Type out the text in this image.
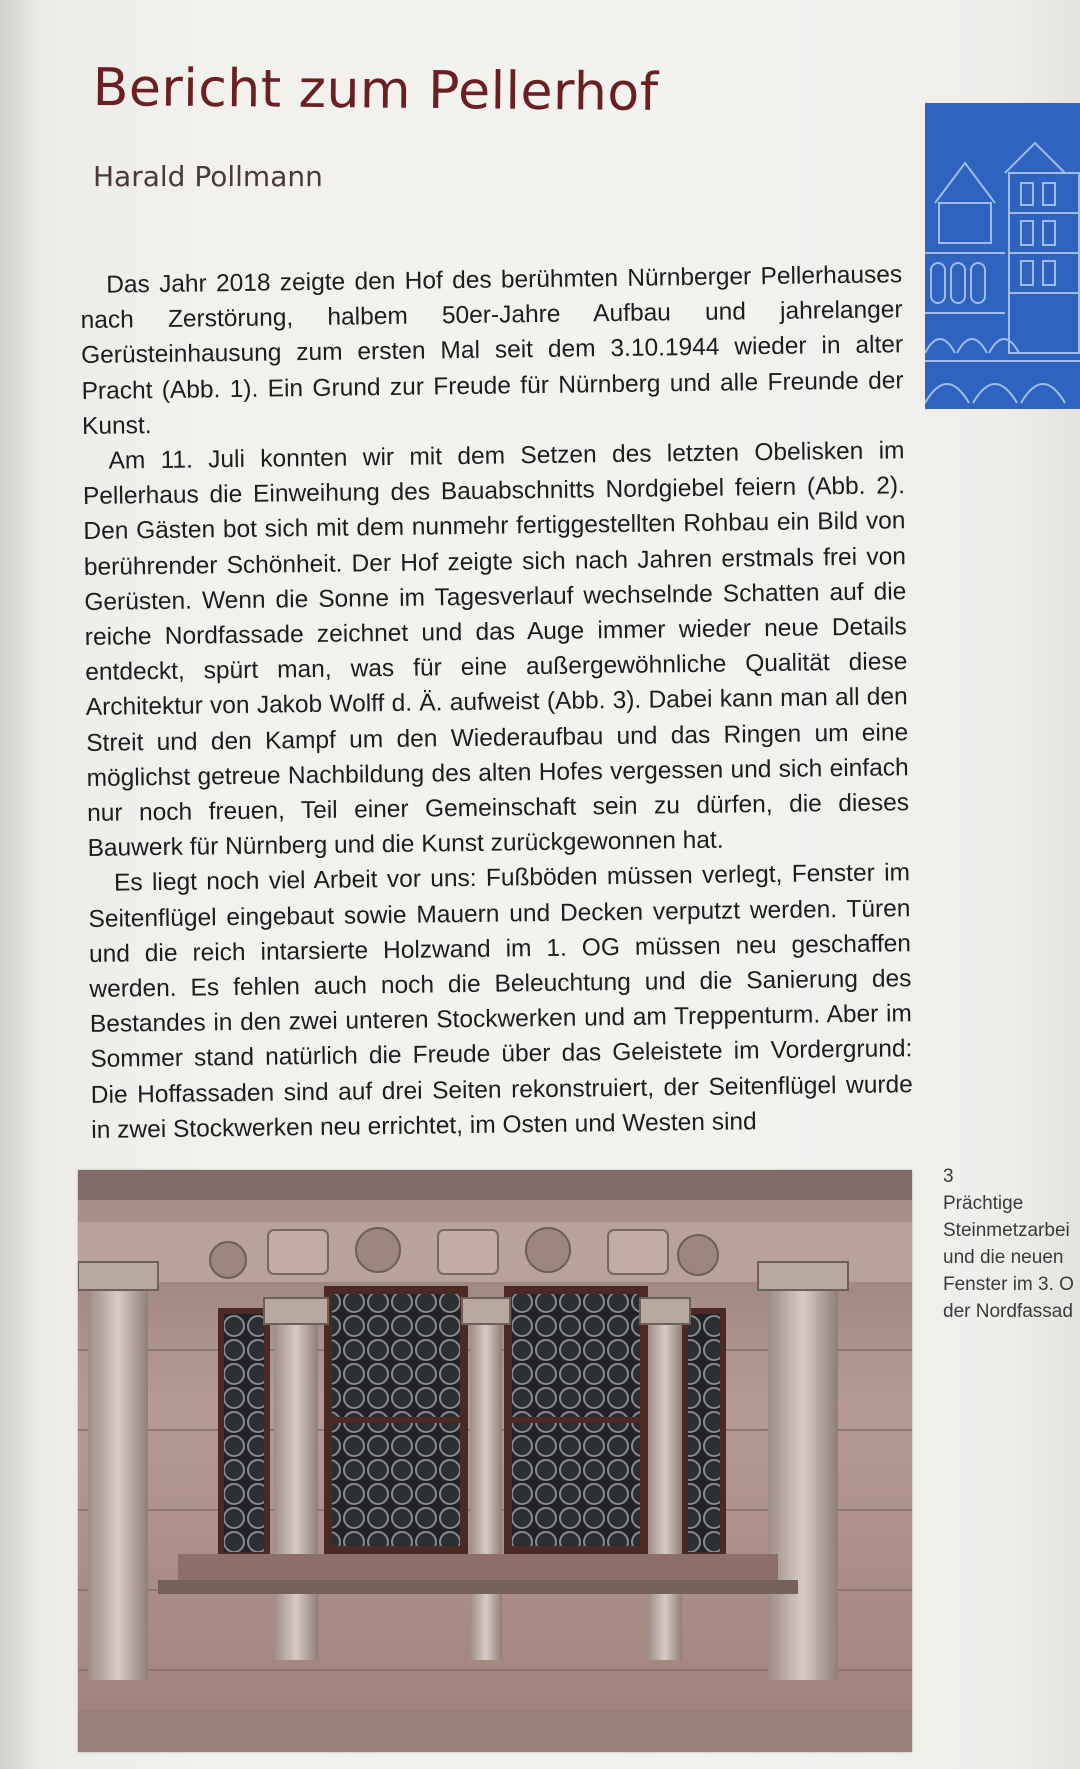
Bericht zum Pellerhof
Harald Pollmann

Das Jahr 2018 zeigte den Hof des berühmten Nürnberger Pellerhauses nach Zerstörung, halbem 50er-Jahre Aufbau und jahrelanger Gerüsteinhausung zum ersten Mal seit dem 3.10.1944 wieder in alter Pracht (Abb. 1). Ein Grund zur Freude für Nürnberg und alle Freunde der Kunst.

Am 11. Juli konnten wir mit dem Setzen des letzten Obelisken im Pellerhaus die Einweihung des Bauabschnitts Nordgiebel feiern (Abb. 2). Den Gästen bot sich mit dem nunmehr fertiggestellten Rohbau ein Bild von berührender Schönheit. Der Hof zeigte sich nach Jahren erstmals frei von Gerüsten. Wenn die Sonne im Tagesverlauf wechselnde Schatten auf die reiche Nordfassade zeichnet und das Auge immer wieder neue Details entdeckt, spürt man, was für eine außergewöhnliche Qualität diese Architektur von Jakob Wolff d. Ä. aufweist (Abb. 3). Dabei kann man all den Streit und den Kampf um den Wiederaufbau und das Ringen um eine möglichst getreue Nachbildung des alten Hofes vergessen und sich einfach nur noch freuen, Teil einer Gemeinschaft sein zu dürfen, die dieses Bauwerk für Nürnberg und die Kunst zurückgewonnen hat.

Es liegt noch viel Arbeit vor uns: Fußböden müssen verlegt, Fenster im Seitenflügel eingebaut sowie Mauern und Decken verputzt werden. Türen und die reich intarsierte Holzwand im 1. OG müssen neu geschaffen werden. Es fehlen auch noch die Beleuchtung und die Sanierung des Bestandes in den zwei unteren Stockwerken und am Treppenturm. Aber im Sommer stand natürlich die Freude über das Geleistete im Vordergrund: Die Hoffassaden sind auf drei Seiten rekonstruiert, der Seitenflügel wurde in zwei Stockwerken neu errichtet, im Osten und Westen sind

3
Prächtige
Steinmetzarbei
und die neuen
Fenster im 3. O
der Nordfassad
